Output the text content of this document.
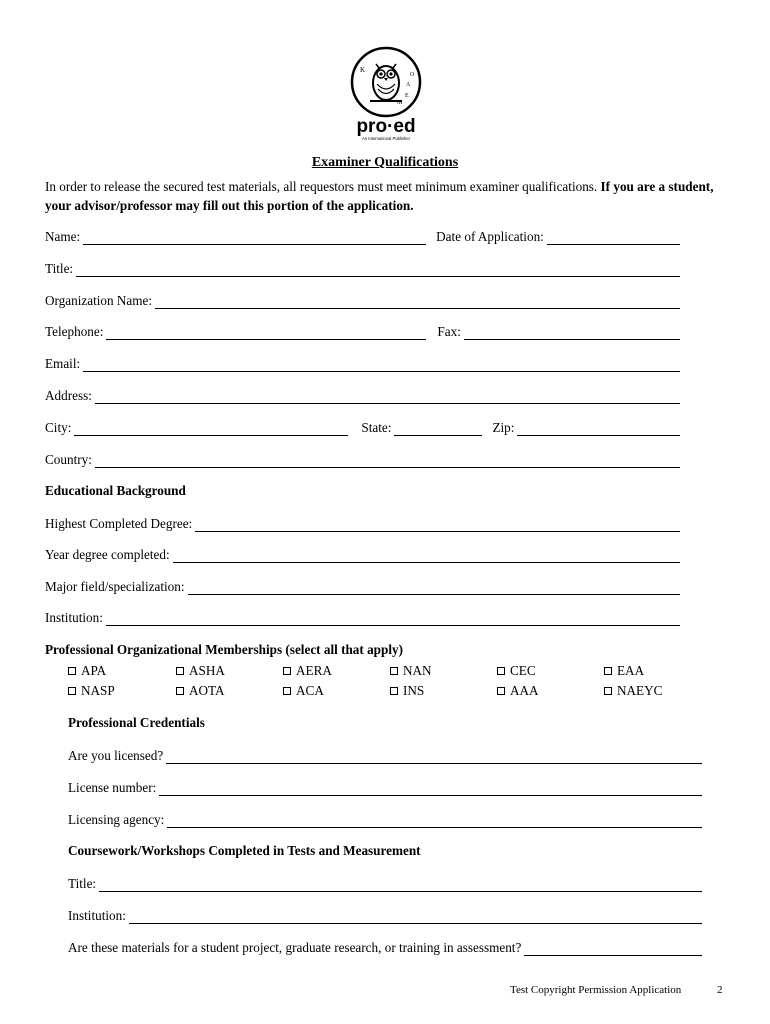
K
A
E
M
O
pro·ed
An International Publisher
Examiner Qualifications
In order to release the secured test materials, all requestors must meet minimum examiner qualifications. If you are a student, your advisor/professor may fill out this portion of the application.
Name:	Date of Application:
Title:
Organization Name:
Telephone:	Fax:
Email:
Address:
City:	State:	Zip:
Country:
Educational Background
Highest Completed Degree:
Year degree completed:
Major field/specialization:
Institution:
Professional Organizational Memberships (select all that apply)
APA	ASHA	AERA	NAN	CEC	EAA
NASP	AOTA	ACA	INS	AAA	NAEYC
Professional Credentials
Are you licensed?
License number:
Licensing agency:
Coursework/Workshops Completed in Tests and Measurement
Title:
Institution:
Are these materials for a student project, graduate research, or training in assessment?
Test Copyright Permission Application	2
